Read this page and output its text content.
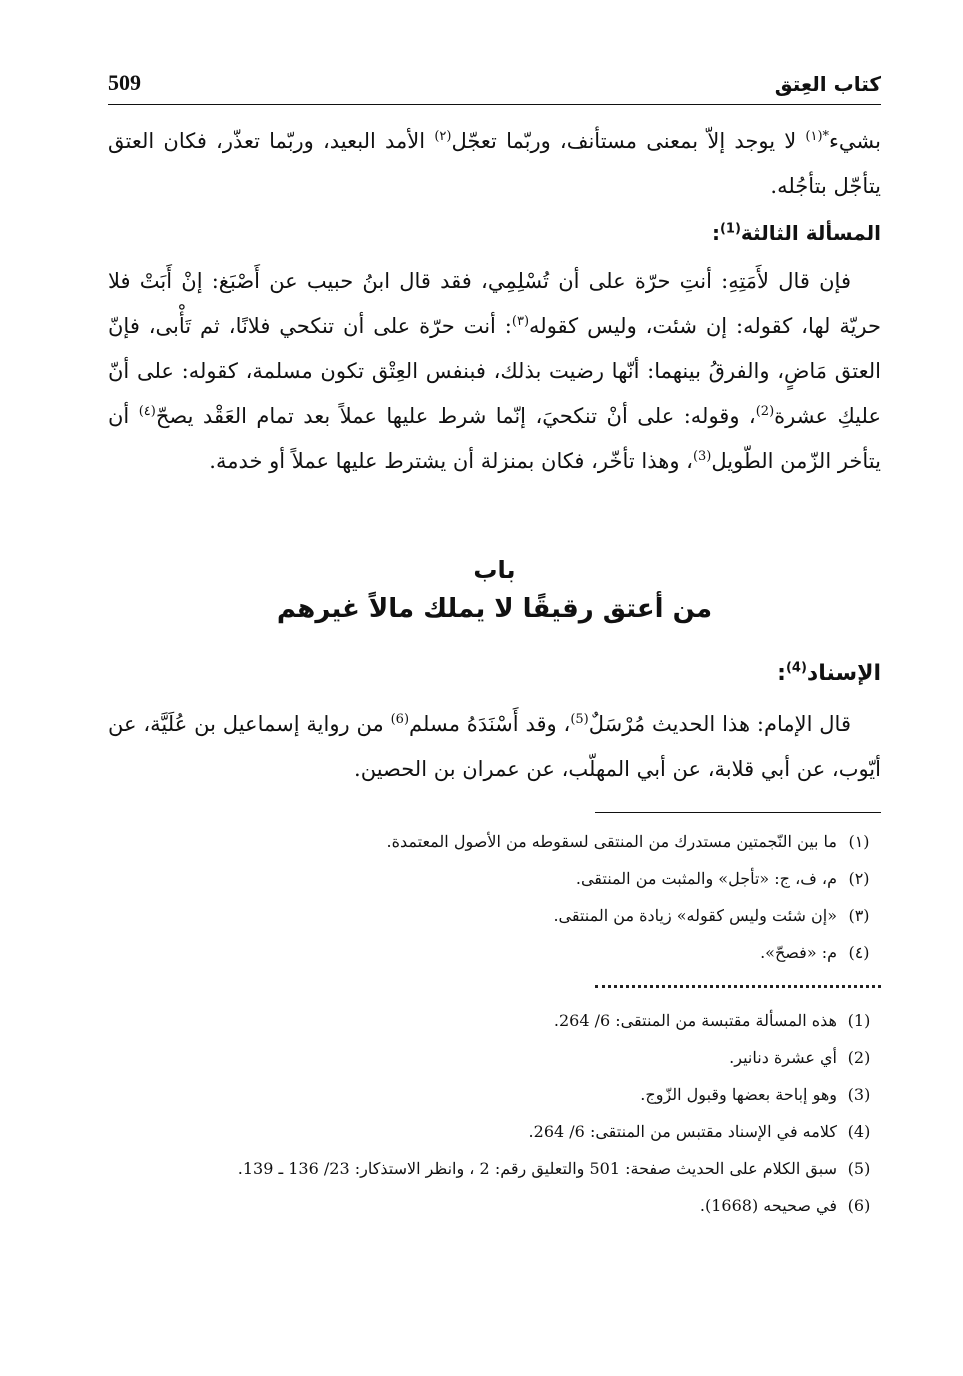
كتاب العِتق
509

بشيء$^{*(١)}$ لا يوجد إلاّ بمعنى مستأنف، وربّما تعجّل$^{(٢)}$ الأمد البعيد، وربّما تعذّر، فكان العتق يتأجّل بتأجُله.

المسألة الثالثة$^{(1)}$:

فإن قال لأَمَتِهِ: أنتِ حرّة على أن تُسْلِمِي، فقد قال ابنُ حبيب عن أَصْبَغ: إنْ أَبَتْ فلا حريّة لها، كقوله: إن شئت، وليس كقوله$^{(٣)}$: أنت حرّة على أن تنكحي فلانًا، ثم تَأْبى، فإنّ العتق مَاضٍ، والفرقُ بينهما: أنّها رضيت بذلك، فبنفس العِتْق تكون مسلمة، كقوله: على أنّ عليكِ عشرة$^{(2)}$، وقوله: على أنْ تنكحيَ، إنّما شرط عليها عملاً بعد تمام العَقْد يصحّ$^{(٤)}$ أن يتأخر الزّمن الطّويل$^{(3)}$، وهذا تأخّر، فكان بمنزلة أن يشترط عليها عملاً أو خدمة.

باب
من أعتق رقيقًا لا يملك مالاً غيرهم
الإسناد$^{(4)}$:

قال الإمام: هذا الحديث مُرْسَلٌ$^{(5)}$، وقد أَسْنَدَهُ مسلم$^{(6)}$ من رواية إسماعيل بن عُلَيَّة، عن أيّوب، عن أبي قلابة، عن أبي المهلّب، عن عمران بن الحصين.

(١)
ما بين النّجمتين مستدرك من المنتقى لسقوطه من الأصول المعتمدة.
(٢)
م، ف، ج: «تأجل» والمثبت من المنتقى.
(٣)
«إن شئت وليس كقوله» زيادة من المنتقى.
(٤)
م: «فصحّ».
(1)
هذه المسألة مقتبسة من المنتقى: 6/ 264.
(2)
أي عشرة دنانير.
(3)
وهو إباحة بعضها وقبول الزّوج.
(4)
كلامه في الإسناد مقتبس من المنتقى: 6/ 264.
(5)
سبق الكلام على الحديث صفحة: 501 والتعليق رقم: 2 ، وانظر الاستذكار: 23/ 136 ـ 139.
(6)
في صحيحه (1668).
